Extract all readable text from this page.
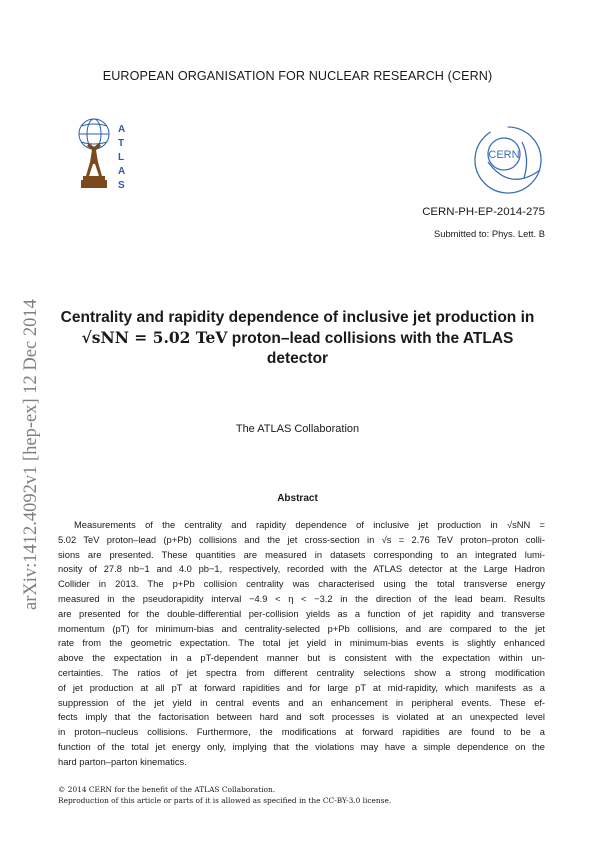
EUROPEAN ORGANISATION FOR NUCLEAR RESEARCH (CERN)
arXiv:1412.4092v1 [hep-ex] 12 Dec 2014
A
T
L
A
S
CERN
CERN-PH-EP-2014-275
Submitted to: Phys. Lett. B
Centrality and rapidity dependence of inclusive jet production in
√sNN = 5.02 TeV proton–lead collisions with the ATLAS
detector
The ATLAS Collaboration
Abstract
Measurements of the centrality and rapidity dependence of inclusive jet production in √sNN =
5.02 TeV proton–lead (p+Pb) collisions and the jet cross-section in √s = 2.76 TeV proton–proton colli-
sions are presented. These quantities are measured in datasets corresponding to an integrated lumi-
nosity of 27.8 nb−1 and 4.0 pb−1, respectively, recorded with the ATLAS detector at the Large Hadron
Collider in 2013. The p+Pb collision centrality was characterised using the total transverse energy
measured in the pseudorapidity interval −4.9 < η < −3.2 in the direction of the lead beam. Results
are presented for the double-differential per-collision yields as a function of jet rapidity and transverse
momentum (pT) for minimum-bias and centrality-selected p+Pb collisions, and are compared to the jet
rate from the geometric expectation. The total jet yield in minimum-bias events is slightly enhanced
above the expectation in a pT-dependent manner but is consistent with the expectation within un-
certainties. The ratios of jet spectra from different centrality selections show a strong modification
of jet production at all pT at forward rapidities and for large pT at mid-rapidity, which manifests as a
suppression of the jet yield in central events and an enhancement in peripheral events. These ef-
fects imply that the factorisation between hard and soft processes is violated at an unexpected level
in proton–nucleus collisions. Furthermore, the modifications at forward rapidities are found to be a
function of the total jet energy only, implying that the violations may have a simple dependence on the
hard parton–parton kinematics.
© 2014 CERN for the benefit of the ATLAS Collaboration.
Reproduction of this article or parts of it is allowed as specified in the CC-BY-3.0 license.
